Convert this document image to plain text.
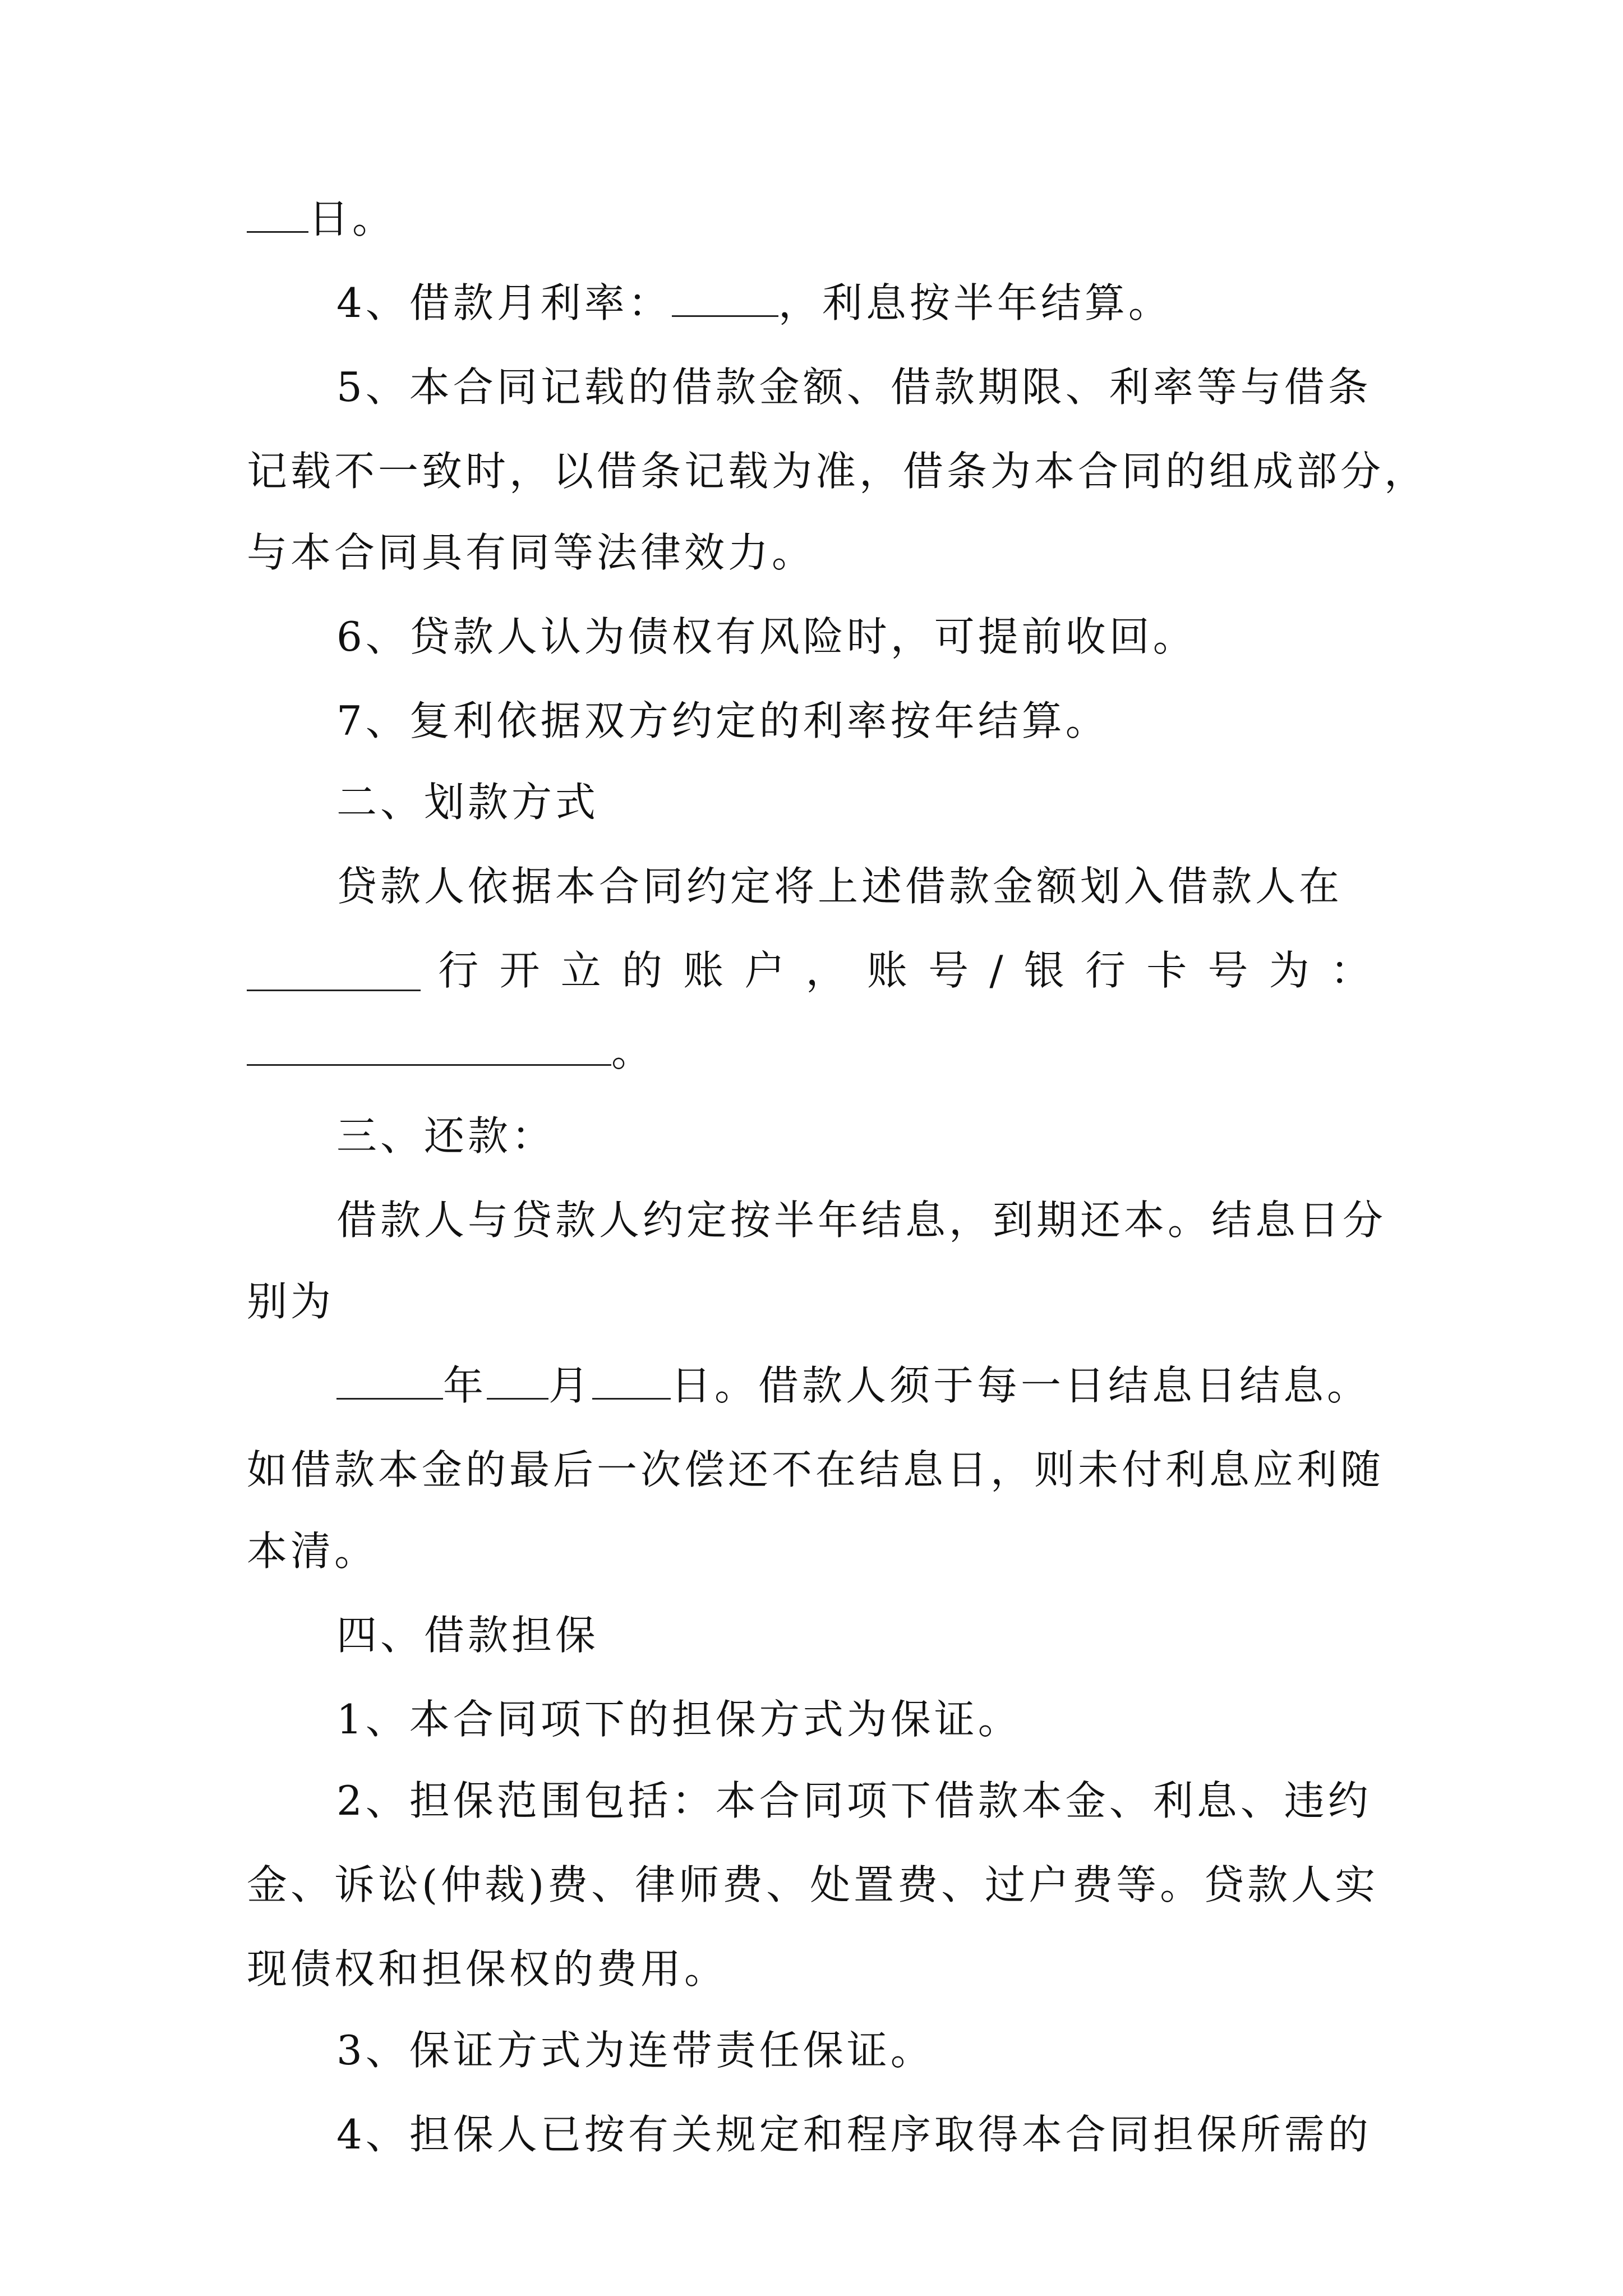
日。
4、借款月利率：	，利息按半年结算。
5、本合同记载的借款金额、借款期限、利率等与借条
记载不一致时，以借条记载为准，借条为本合同的组成部分，
与本合同具有同等法律效力。
6、贷款人认为债权有风险时，可提前收回。
7、复利依据双方约定的利率按年结算。
二、划款方式
贷款人依据本合同约定将上述借款金额划入借款人在
行 开 立 的 账 户 ， 账 号 / 银 行 卡 号 为 ：
。
三、还款：
借款人与贷款人约定按半年结息，到期还本。结息日分
别为
年 月 日。借款人须于每一日结息日结息。
如借款本金的最后一次偿还不在结息日，则未付利息应利随
本清。
四、借款担保
1、本合同项下的担保方式为保证。
2、担保范围包括：本合同项下借款本金、利息、违约
金、诉讼(仲裁)费、律师费、处置费、过户费等。贷款人实
现债权和担保权的费用。
3、保证方式为连带责任保证。
4、担保人已按有关规定和程序取得本合同担保所需的
